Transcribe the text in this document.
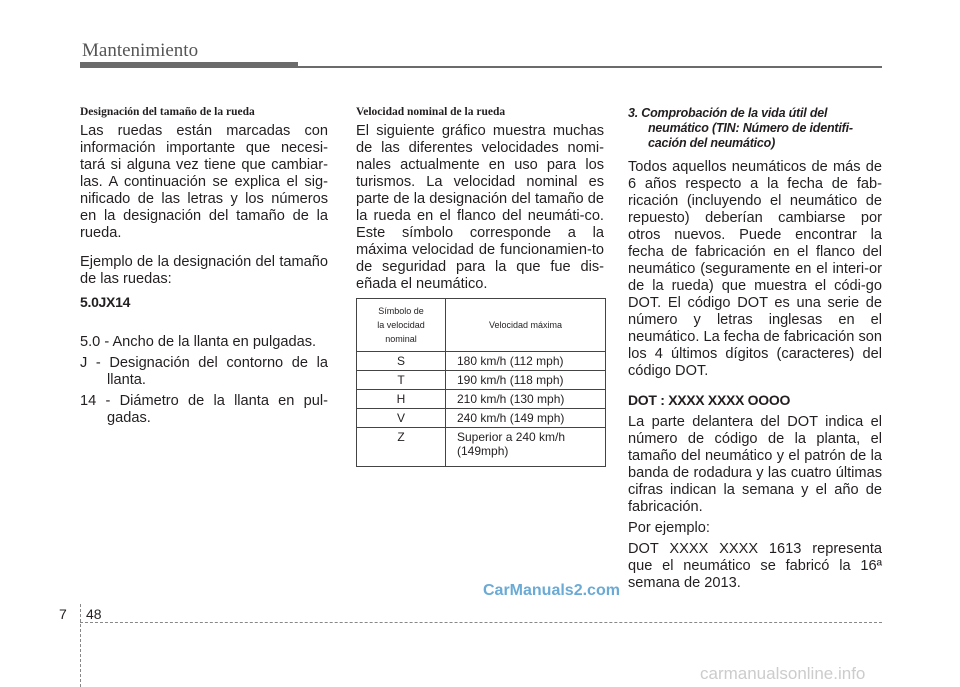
Mantenimiento

Designación del tamaño de la rueda

Las ruedas están marcadas con información importante que necesi-tará si alguna vez tiene que cambiar-las. A continuación se explica el sig-nificado de las letras y los números en la designación del tamaño de la rueda.

Ejemplo de la designación del tamaño de las ruedas:

5.0JX14

5.0 - Ancho de la llanta en pulgadas.

J - Designación del contorno de la llanta.

14 - Diámetro de la llanta en pul-gadas.

Velocidad nominal de la rueda

El siguiente gráfico muestra muchas de las diferentes velocidades nomi-nales actualmente en uso para los turismos. La velocidad nominal es parte de la designación del tamaño de la rueda en el flanco del neumáti-co. Este símbolo corresponde a la máxima velocidad de funcionamien-to de seguridad para la que fue dis-eñada el neumático.

Símbolo de
la velocidad
nominal	Velocidad máxima
S	180 km/h (112 mph)
T	190 km/h (118 mph)
H	210 km/h (130 mph)
V	240 km/h (149 mph)
Z	Superior a 240 km/h (149mph)

3. Comprobación de la vida útil del neumático (TIN: Número de identifi-cación del neumático)

Todos aquellos neumáticos de más de 6 años respecto a la fecha de fab-ricación (incluyendo el neumático de repuesto) deberían cambiarse por otros nuevos. Puede encontrar la fecha de fabricación en el flanco del neumático (seguramente en el interi-or de la rueda) que muestra el códi-go DOT. El código DOT es una serie de número y letras inglesas en el neumático. La fecha de fabricación son los 4 últimos dígitos (caracteres) del código DOT.

DOT : XXXX XXXX OOOO

La parte delantera del DOT indica el número de código de la planta, el tamaño del neumático y el patrón de la banda de rodadura y las cuatro últimas cifras indican la semana y el año de fabricación.

Por ejemplo:

DOT XXXX XXXX 1613 representa que el neumático se fabricó la 16ª semana de 2013.

CarManuals2.com
7 48
carmanualsonline.info
